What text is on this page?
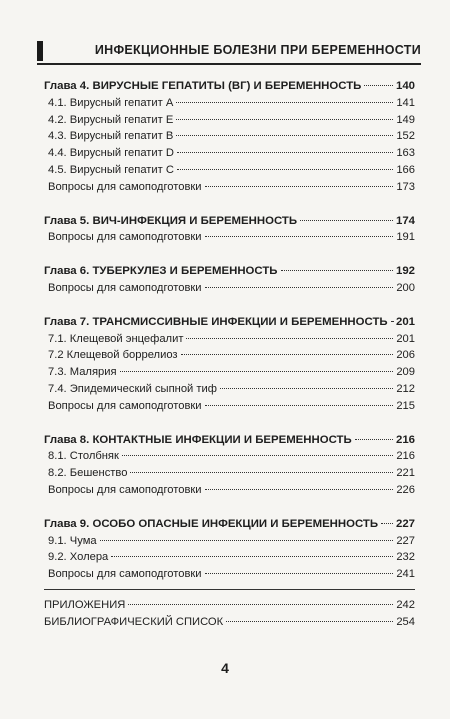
ИНФЕКЦИОННЫЕ БОЛЕЗНИ ПРИ БЕРЕМЕННОСТИ
Глава 4. ВИРУСНЫЕ ГЕПАТИТЫ (ВГ) И БЕРЕМЕННОСТЬ	140
4.1. Вирусный гепатит А	141
4.2. Вирусный гепатит Е	149
4.3. Вирусный гепатит В	152
4.4. Вирусный гепатит D	163
4.5. Вирусный гепатит С	166
Вопросы для самоподготовки	173
Глава 5. ВИЧ-ИНФЕКЦИЯ И БЕРЕМЕННОСТЬ	174
Вопросы для самоподготовки	191
Глава 6. ТУБЕРКУЛЕЗ И БЕРЕМЕННОСТЬ	192
Вопросы для самоподготовки	200
Глава 7. ТРАНСМИССИВНЫЕ ИНФЕКЦИИ И БЕРЕМЕННОСТЬ 201
7.1. Клещевой энцефалит	201
7.2 Клещевой боррелиоз	206
7.3. Малярия	209
7.4. Эпидемический сыпной тиф	212
Вопросы для самоподготовки	215
Глава 8. КОНТАКТНЫЕ ИНФЕКЦИИ И БЕРЕМЕННОСТЬ	216
8.1. Столбняк	216
8.2. Бешенство	221
Вопросы для самоподготовки	226
Глава 9. ОСОБО ОПАСНЫЕ ИНФЕКЦИИ И БЕРЕМЕННОСТЬ 227
9.1. Чума	227
9.2. Холера	232
Вопросы для самоподготовки	241
ПРИЛОЖЕНИЯ	242
БИБЛИОГРАФИЧЕСКИЙ СПИСОК	254
4
